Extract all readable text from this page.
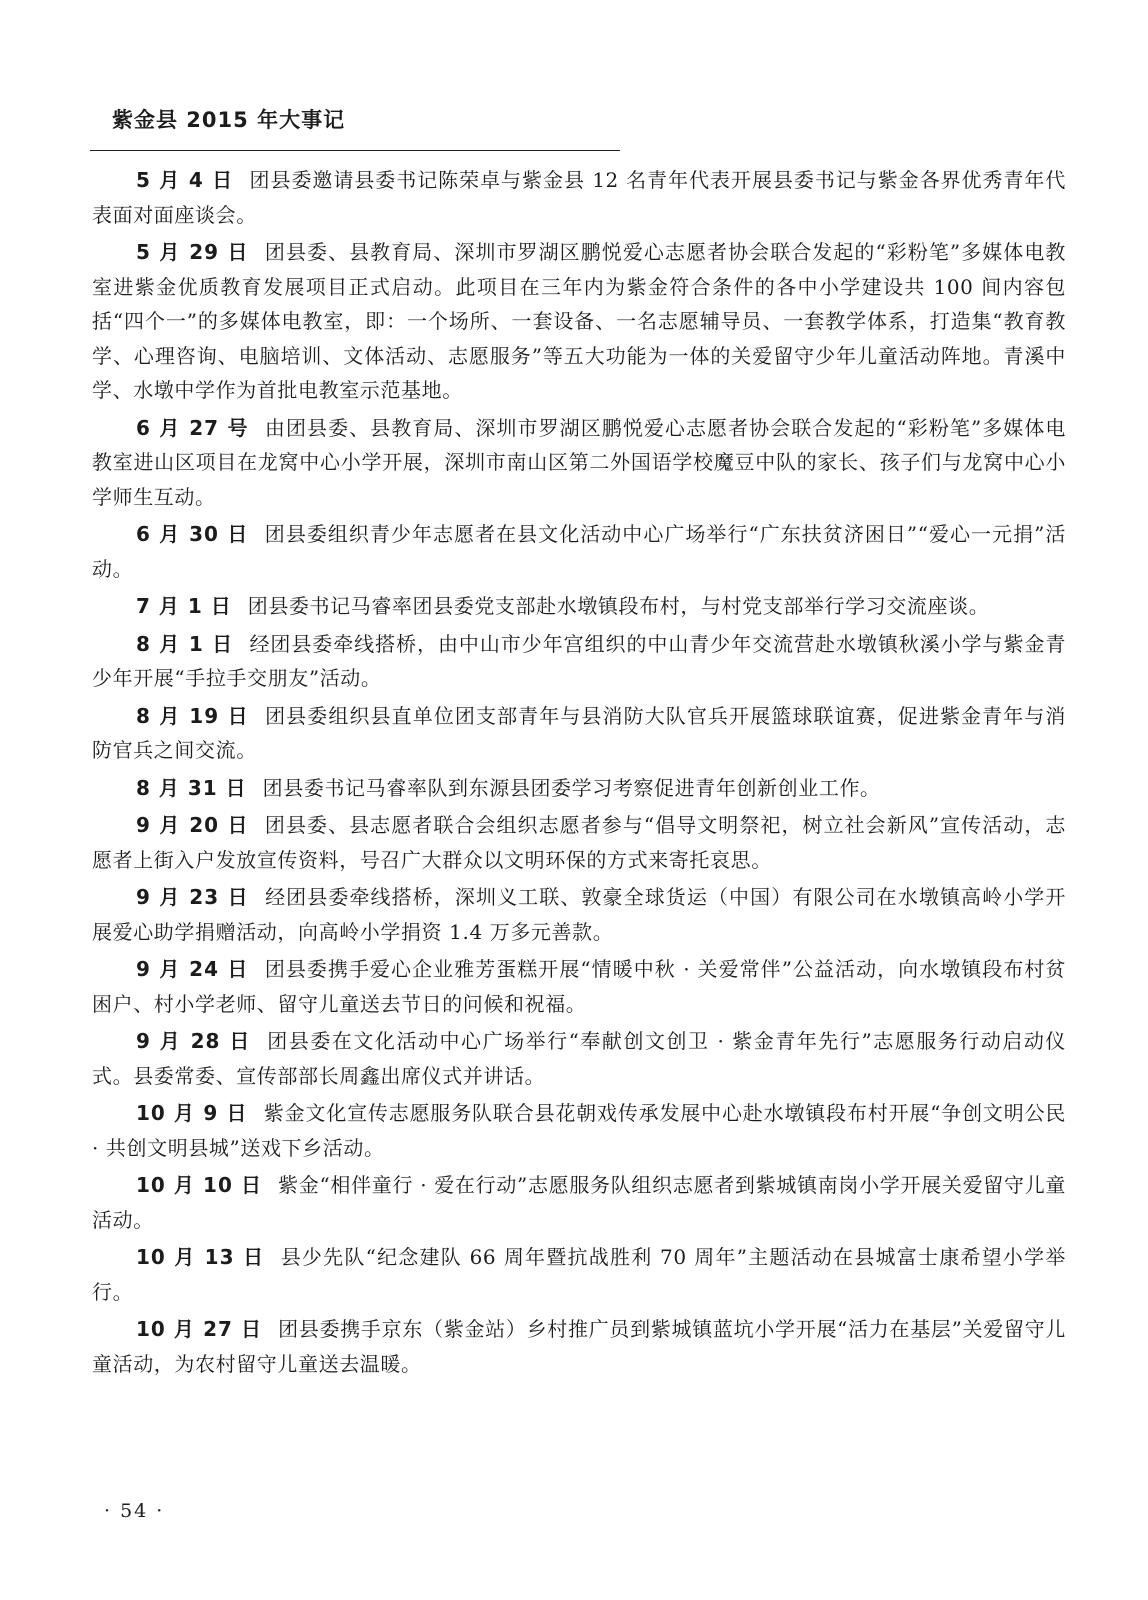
紫金县 2015 年大事记

5 月 4 日 团县委邀请县委书记陈荣卓与紫金县 12 名青年代表开展县委书记与紫金各界优秀青年代表面对面座谈会。

5 月 29 日 团县委、县教育局、深圳市罗湖区鹏悦爱心志愿者协会联合发起的“彩粉笔”多媒体电教室进紫金优质教育发展项目正式启动。此项目在三年内为紫金符合条件的各中小学建设共 100 间内容包括“四个一”的多媒体电教室，即：一个场所、一套设备、一名志愿辅导员、一套教学体系，打造集“教育教学、心理咨询、电脑培训、文体活动、志愿服务”等五大功能为一体的关爱留守少年儿童活动阵地。青溪中学、水墩中学作为首批电教室示范基地。

6 月 27 号 由团县委、县教育局、深圳市罗湖区鹏悦爱心志愿者协会联合发起的“彩粉笔”多媒体电教室进山区项目在龙窝中心小学开展，深圳市南山区第二外国语学校魔豆中队的家长、孩子们与龙窝中心小学师生互动。

6 月 30 日 团县委组织青少年志愿者在县文化活动中心广场举行“广东扶贫济困日”“爱心一元捐”活动。

7 月 1 日 团县委书记马睿率团县委党支部赴水墩镇段布村，与村党支部举行学习交流座谈。

8 月 1 日 经团县委牵线搭桥，由中山市少年宫组织的中山青少年交流营赴水墩镇秋溪小学与紫金青少年开展“手拉手交朋友”活动。

8 月 19 日 团县委组织县直单位团支部青年与县消防大队官兵开展篮球联谊赛，促进紫金青年与消防官兵之间交流。

8 月 31 日 团县委书记马睿率队到东源县团委学习考察促进青年创新创业工作。

9 月 20 日 团县委、县志愿者联合会组织志愿者参与“倡导文明祭祀，树立社会新风”宣传活动，志愿者上街入户发放宣传资料，号召广大群众以文明环保的方式来寄托哀思。

9 月 23 日 经团县委牵线搭桥，深圳义工联、敦豪全球货运（中国）有限公司在水墩镇高岭小学开展爱心助学捐赠活动，向高岭小学捐资 1.4 万多元善款。

9 月 24 日 团县委携手爱心企业雅芳蛋糕开展“情暖中秋 · 关爱常伴”公益活动，向水墩镇段布村贫困户、村小学老师、留守儿童送去节日的问候和祝福。

9 月 28 日 团县委在文化活动中心广场举行“奉献创文创卫 · 紫金青年先行”志愿服务行动启动仪式。县委常委、宣传部部长周鑫出席仪式并讲话。

10 月 9 日 紫金文化宣传志愿服务队联合县花朝戏传承发展中心赴水墩镇段布村开展“争创文明公民 · 共创文明县城”送戏下乡活动。

10 月 10 日 紫金“相伴童行 · 爱在行动”志愿服务队组织志愿者到紫城镇南岗小学开展关爱留守儿童活动。

10 月 13 日 县少先队“纪念建队 66 周年暨抗战胜利 70 周年”主题活动在县城富士康希望小学举行。

10 月 27 日 团县委携手京东（紫金站）乡村推广员到紫城镇蓝坑小学开展“活力在基层”关爱留守儿童活动，为农村留守儿童送去温暖。

· 54 ·
